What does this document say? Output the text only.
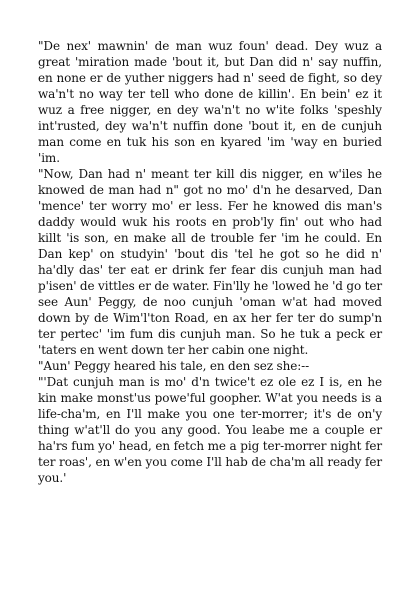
"De nex' mawnin' de man wuz foun' dead. Dey wuz a great 'miration made 'bout it, but Dan did n' say nuffin, en none er de yuther niggers had n' seed de fight, so dey wa'n't no way ter tell who done de killin'. En bein' ez it wuz a free nigger, en dey wa'n't no w'ite folks 'speshly int'rusted, dey wa'n't nuffin done 'bout it, en de cunjuh man come en tuk his son en kyared 'im 'way en buried 'im.

"Now, Dan had n' meant ter kill dis nigger, en w'iles he knowed de man had n" got no mo' d'n he desarved, Dan 'mence' ter worry mo' er less. Fer he knowed dis man's daddy would wuk his roots en prob'ly fin' out who had killt 'is son, en make all de trouble fer 'im he could. En Dan kep' on studyin' 'bout dis 'tel he got so he did n' ha'dly das' ter eat er drink fer fear dis cunjuh man had p'isen' de vittles er de water. Fin'lly he 'lowed he 'd go ter see Aun' Peggy, de noo cunjuh 'oman w'at had moved down by de Wim'l'ton Road, en ax her fer ter do sump'n ter pertec' 'im fum dis cunjuh man. So he tuk a peck er 'taters en went down ter her cabin one night.

"Aun' Peggy heared his tale, en den sez she:--

"'Dat cunjuh man is mo' d'n twice't ez ole ez I is, en he kin make monst'us powe'ful goopher. W'at you needs is a life-cha'm, en I'll make you one ter-morrer; it's de on'y thing w'at'll do you any good. You leabe me a couple er ha'rs fum yo' head, en fetch me a pig ter-morrer night fer ter roas', en w'en you come I'll hab de cha'm all ready fer you.'
